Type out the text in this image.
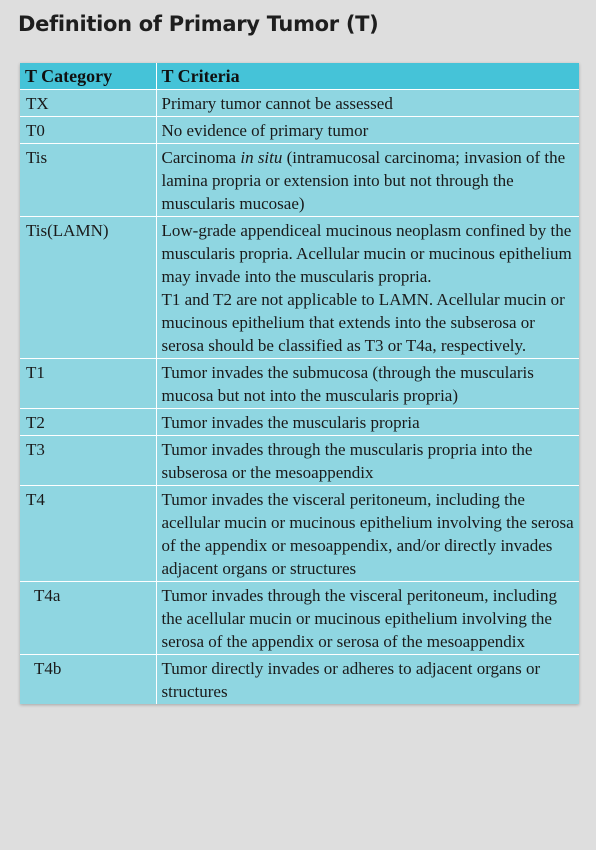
Definition of Primary Tumor (T)
T Category	T Criteria
TX	Primary tumor cannot be assessed
T0	No evidence of primary tumor
Tis	Carcinoma in situ (intramucosal carcinoma; invasion of the lamina propria or extension into but not through the muscularis mucosae)
Tis(LAMN)	Low-grade appendiceal mucinous neoplasm confined by the muscularis propria. Acellular mucin or mucinous epithelium may invade into the muscularis propria.

T1 and T2 are not applicable to LAMN. Acellular mucin or mucinous epithelium that extends into the subserosa or serosa should be classified as T3 or T4a, respectively.

T1	Tumor invades the submucosa (through the muscularis mucosa but not into the muscularis propria)
T2	Tumor invades the muscularis propria
T3	Tumor invades through the muscularis propria into the subserosa or the mesoappendix
T4	Tumor invades the visceral peritoneum, including the acellular mucin or mucinous epithelium involving the serosa of the appendix or mesoappendix, and/or directly invades adjacent organs or structures
T4a	Tumor invades through the visceral peritoneum, including the acellular mucin or mucinous epithelium involving the serosa of the appendix or serosa of the mesoappendix
T4b	Tumor directly invades or adheres to adjacent organs or structures
